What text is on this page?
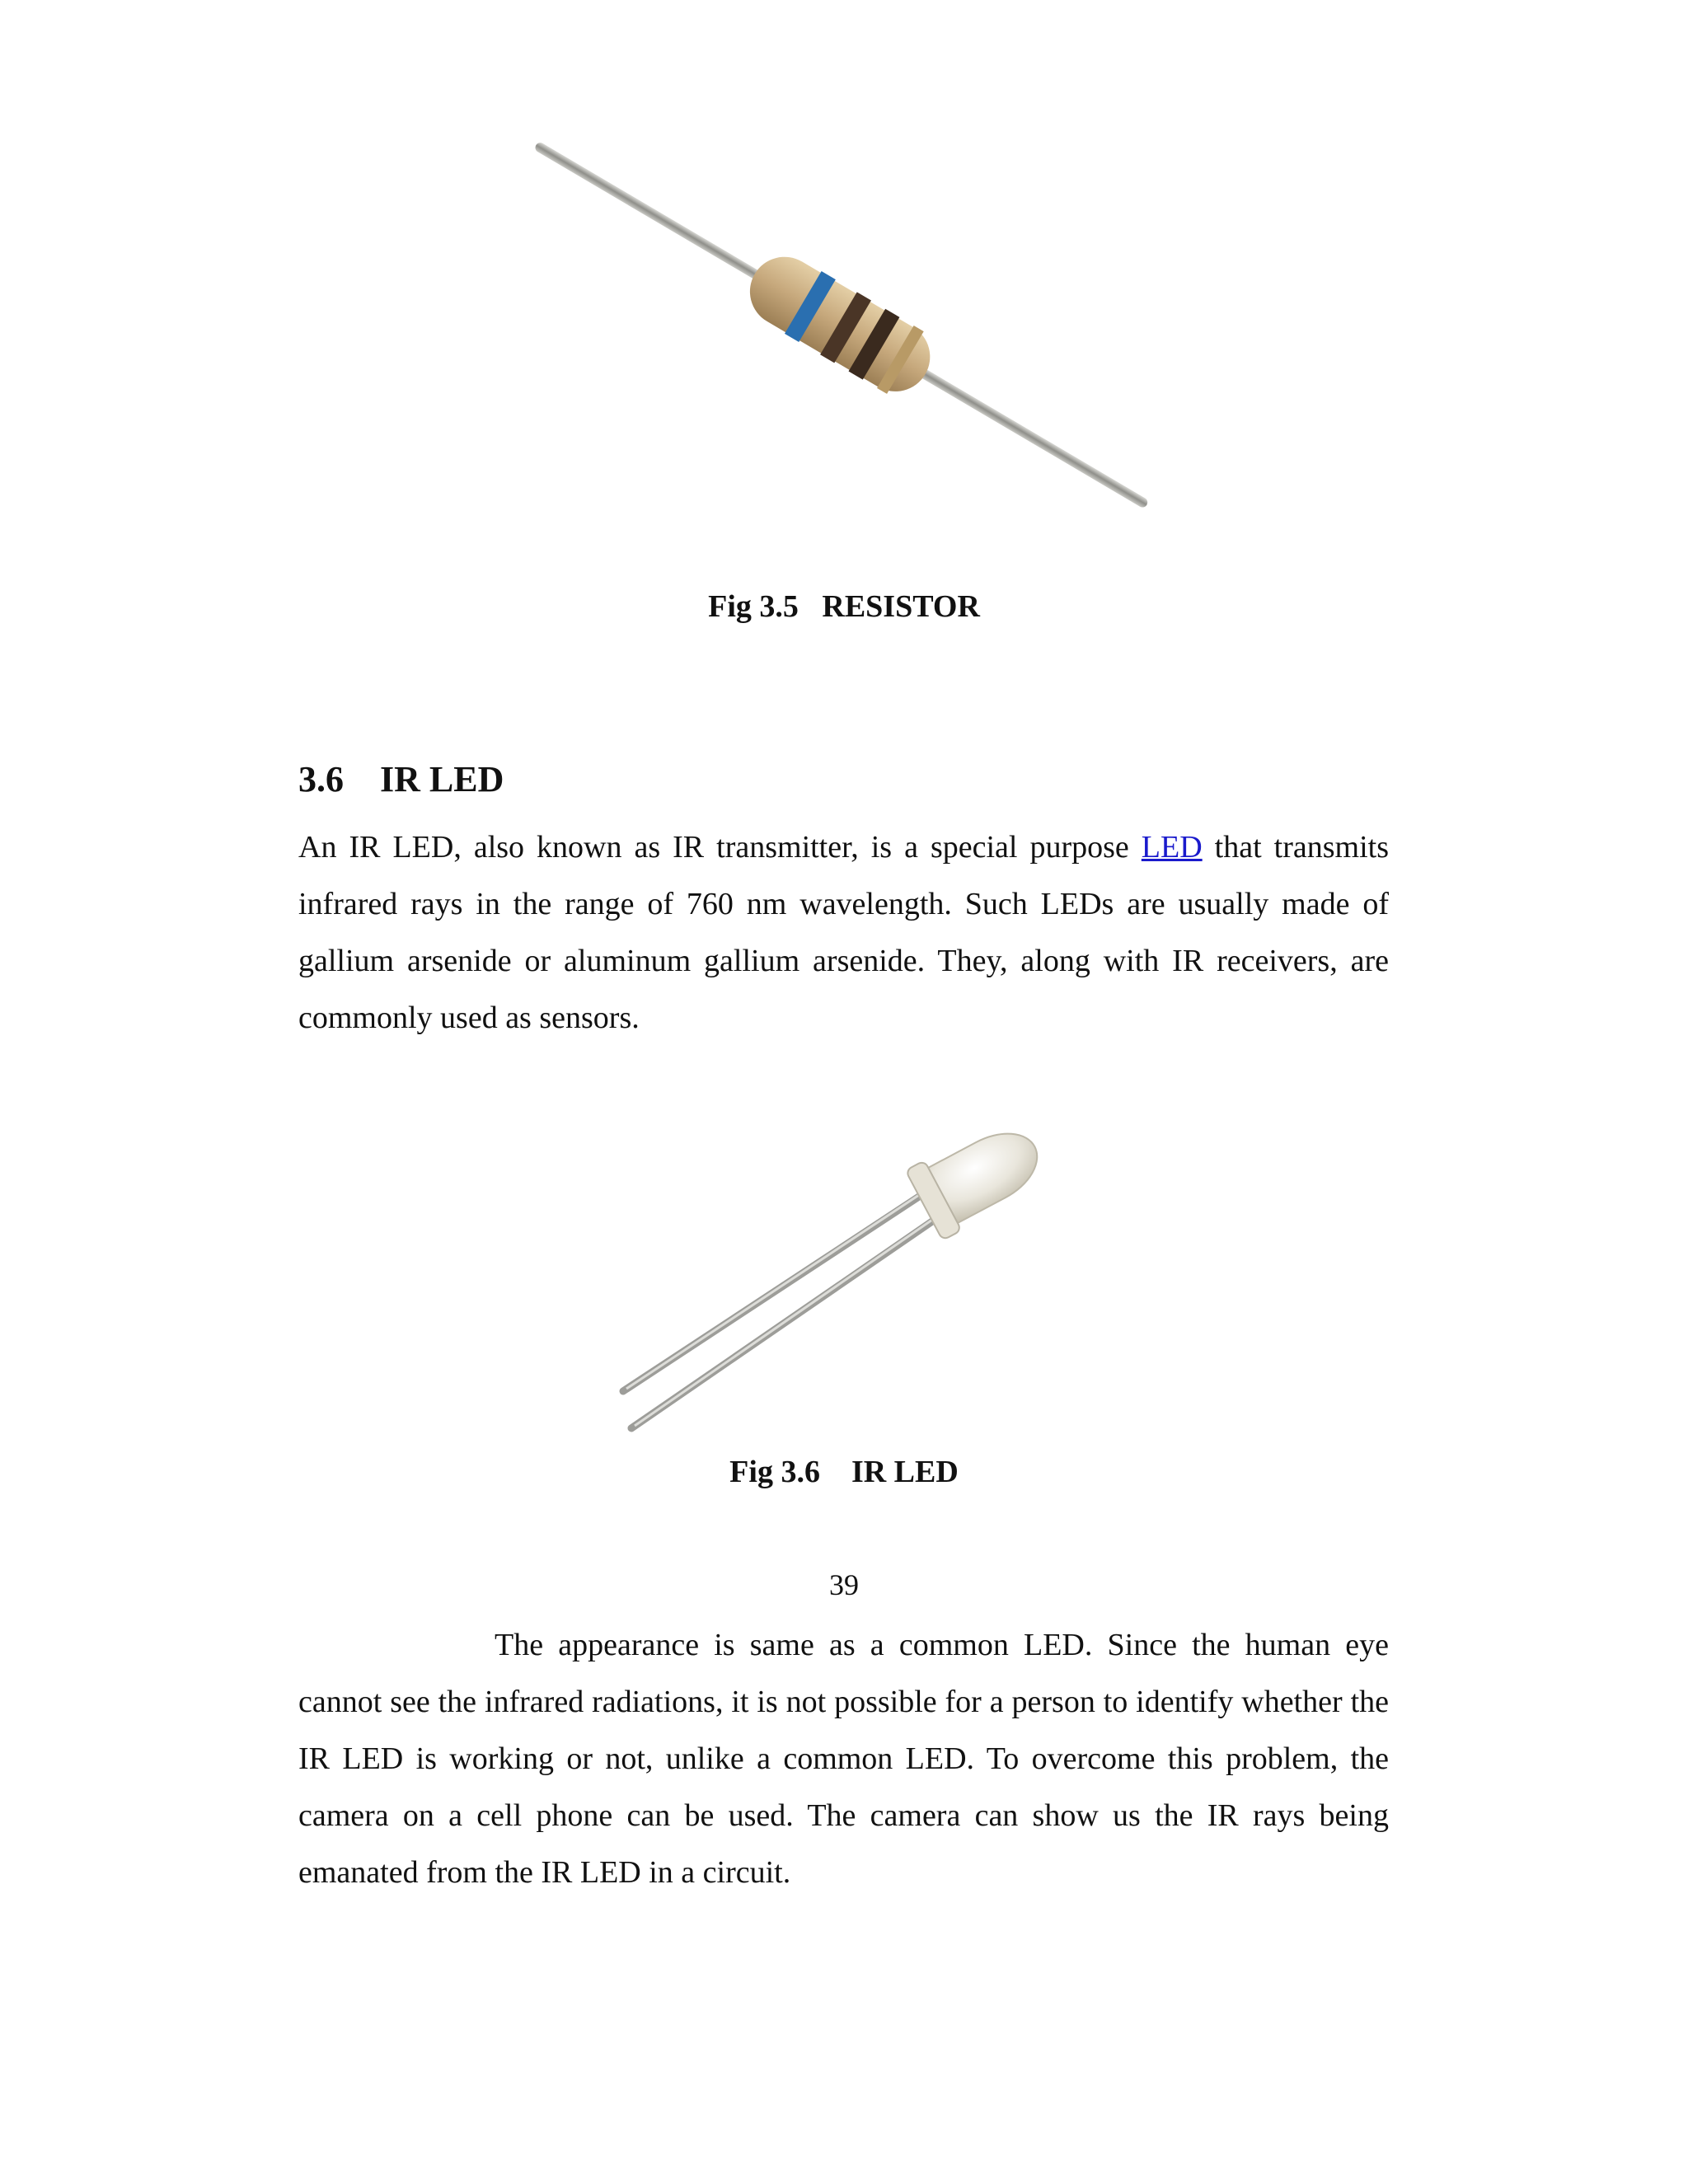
Fig 3.5   RESISTOR
3.6    IR LED
An IR LED, also known as IR transmitter, is a special purpose LED that transmits infrared rays in the range of 760 nm wavelength. Such LEDs are usually made of gallium arsenide or aluminum gallium arsenide. They, along with IR receivers, are commonly used as sensors.
Fig 3.6    IR LED
39
The appearance is same as a common LED. Since the human eye cannot see the infrared radiations, it is not possible for a person to identify whether the IR LED is working or not, unlike a common LED. To overcome this problem, the camera on a cell phone can be used. The camera can show us the IR rays being emanated from the IR LED in a circuit.
